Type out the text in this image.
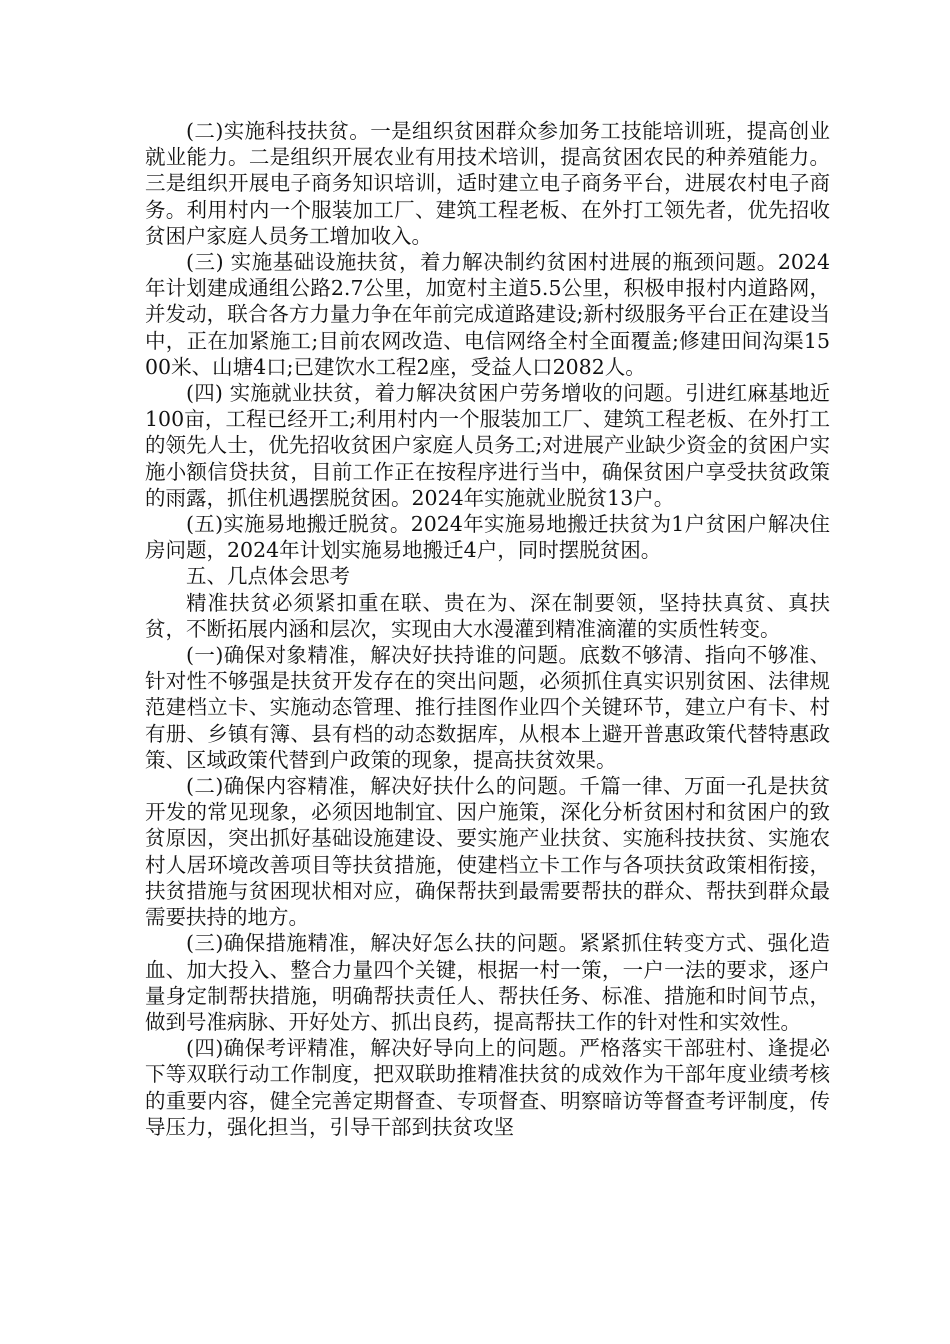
(二)实施科技扶贫。一是组织贫困群众参加务工技能培训班，提高创业就业能力。二是组织开展农业有用技术培训，提高贫困农民的种养殖能力。三是组织开展电子商务知识培训，适时建立电子商务平台，进展农村电子商务。利用村内一个服装加工厂、建筑工程老板、在外打工领先者，优先招收贫困户家庭人员务工增加收入。

(三) 实施基础设施扶贫，着力解决制约贫困村进展的瓶颈问题。2024年计划建成通组公路2.7公里，加宽村主道5.5公里，积极申报村内道路网，并发动，联合各方力量力争在年前完成道路建设;新村级服务平台正在建设当中，正在加紧施工;目前农网改造、电信网络全村全面覆盖;修建田间沟渠1500米、山塘4口;已建饮水工程2座，受益人口2082人。

(四) 实施就业扶贫，着力解决贫困户劳务增收的问题。引进红麻基地近100亩，工程已经开工;利用村内一个服装加工厂、建筑工程老板、在外打工的领先人士，优先招收贫困户家庭人员务工;对进展产业缺少资金的贫困户实施小额信贷扶贫，目前工作正在按程序进行当中，确保贫困户享受扶贫政策的雨露，抓住机遇摆脱贫困。2024年实施就业脱贫13户。

(五)实施易地搬迁脱贫。2024年实施易地搬迁扶贫为1户贫困户解决住房问题，2024年计划实施易地搬迁4户，同时摆脱贫困。

五、几点体会思考

精准扶贫必须紧扣重在联、贵在为、深在制要领，坚持扶真贫、真扶贫，不断拓展内涵和层次，实现由大水漫灌到精准滴灌的实质性转变。

(一)确保对象精准，解决好扶持谁的问题。底数不够清、指向不够准、针对性不够强是扶贫开发存在的突出问题，必须抓住真实识别贫困、法律规范建档立卡、实施动态管理、推行挂图作业四个关键环节，建立户有卡、村有册、乡镇有簿、县有档的动态数据库，从根本上避开普惠政策代替特惠政策、区域政策代替到户政策的现象，提高扶贫效果。

(二)确保内容精准，解决好扶什么的问题。千篇一律、万面一孔是扶贫开发的常见现象，必须因地制宜、因户施策，深化分析贫困村和贫困户的致贫原因，突出抓好基础设施建设、要实施产业扶贫、实施科技扶贫、实施农村人居环境改善项目等扶贫措施，使建档立卡工作与各项扶贫政策相衔接，扶贫措施与贫困现状相对应，确保帮扶到最需要帮扶的群众、帮扶到群众最需要扶持的地方。

(三)确保措施精准，解决好怎么扶的问题。紧紧抓住转变方式、强化造血、加大投入、整合力量四个关键，根据一村一策，一户一法的要求，逐户量身定制帮扶措施，明确帮扶责任人、帮扶任务、标准、措施和时间节点，做到号准病脉、开好处方、抓出良药，提高帮扶工作的针对性和实效性。

(四)确保考评精准，解决好导向上的问题。严格落实干部驻村、逢提必下等双联行动工作制度，把双联助推精准扶贫的成效作为干部年度业绩考核的重要内容，健全完善定期督查、专项督查、明察暗访等督查考评制度，传导压力，强化担当，引导干部到扶贫攻坚
